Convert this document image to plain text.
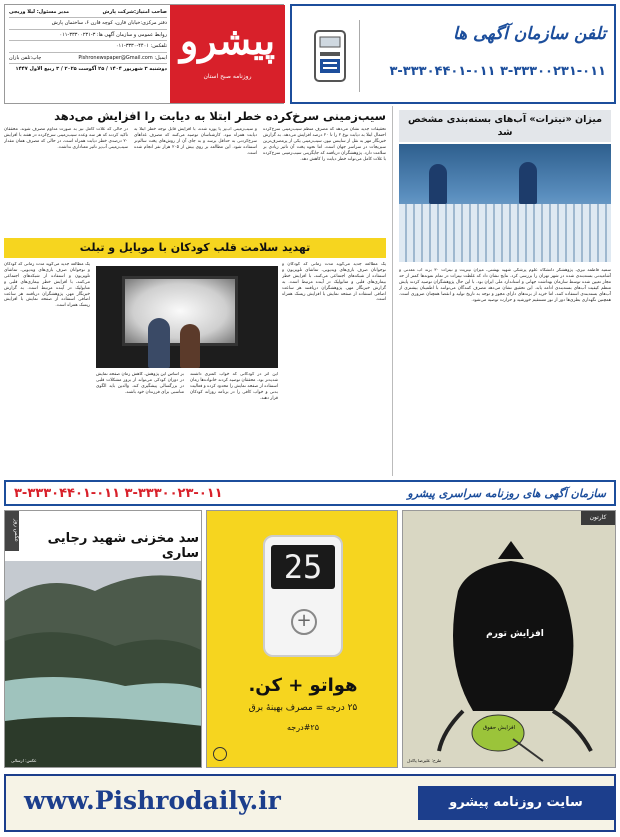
پیشرو
روزنامه صبح استان
صاحب امتیاز:شرکت پارش
مدیر مسئول: لیلا وریجی
دفتر مرکزی:خیابان قارن، کوچه قارن ۶، ساختمان پارش
روابط عمومی و سازمان آگهی ها: ۳-۳۳۳۰۰۲۳۱-۰۱۱
تلفکس: ۴۴۰۱-۳۳۳۰-۰۱۱
ایمیل: Pishronewspaper@Gmail.com
چاپ:تلفن بازان
دوشنبه ۳ شهریور ۱۴۰۴ / ۲۵ آگوست ۲۰۲۵ / ۳ ربیع الاول ۱۴۴۷
تلفن سازمان آگهی ها
۳-۳۳۳۰۰۲۳۱-۰۱۱ ۳-۳۳۳۰۴۴۰۱-۰۱۱
سیب‌زمینی سرخ‌کرده خطر ابتلا به دیابت را افزایش می‌دهد
تحقیقات جدید نشان می‌دهد که مصرف منظم سیب‌زمینی سرخ‌کرده احتمال ابتلا به دیابت نوع ۲ را تا ۲۰ درصد افزایش می‌دهد. به گزارش خبرنگار مهر به نقل از ساینس نیوز، سیب‌زمینی یکی از پرمصرف‌ترین سبزیجات در سراسر جهان است، اما نحوه پخت آن تاثیر زیادی بر سلامت دارد. پژوهشگران دریافتند که جایگزینی سیب‌زمینی سرخ‌کرده با غلات کامل می‌تواند خطر دیابت را کاهش دهد.
و سیب‌زمینی آب‌پز یا پوره شده، با افزایش قابل توجه خطر ابتلا به دیابت همراه نبود. کارشناسان توصیه می‌کنند که مصرف غذاهای سرخ‌کردنی به حداقل برسد و به جای آن از روش‌های پخت سالم‌تر استفاده شود. این مطالعه بر روی بیش از ۲۰۵ هزار نفر انجام شده است.
در حالی که غلات کامل نیز به صورت مداوم مصرف شوند. محققان تاکید کردند که هر سه وعده سیب‌زمینی سرخ‌کرده در هفته با افزایش ۲۰ درصدی خطر دیابت همراه است، در حالی که مصرف همان مقدار سیب‌زمینی آب‌پز تاثیر معناداری نداشت.
تهدید سلامت قلب کودکان با موبایل و تبلت
یک مطالعه جدید می‌گوید مدت زمانی که کودکان و نوجوانان صرف بازی‌های ویدیویی، تماشای تلویزیون و استفاده از شبکه‌های اجتماعی می‌کنند، با افزایش خطر بیماری‌های قلبی و متابولیک در آینده مرتبط است. به گزارش خبرنگار مهر، پژوهشگران دریافتند هر ساعت اضافی استفاده از صفحه نمایش با افزایش ریسک همراه است.
این اثر در کودکانی که خواب کمتری داشتند شدیدتر بود. محققان توصیه کردند خانواده‌ها زمان استفاده از صفحه نمایش را محدود کرده و فعالیت بدنی و خواب کافی را در برنامه روزانه کودکان قرار دهند.
بر اساس این پژوهش، کاهش زمان صفحه نمایش در دوران کودکی می‌تواند از بروز مشکلات قلبی در بزرگسالی پیشگیری کند. والدین باید الگوی مناسبی برای فرزندان خود باشند.
یک مطالعه جدید می‌گوید مدت زمانی که کودکان و نوجوانان صرف بازی‌های ویدیویی، تماشای تلویزیون و استفاده از شبکه‌های اجتماعی می‌کنند، با افزایش خطر بیماری‌های قلبی و متابولیک در آینده مرتبط است. به گزارش خبرنگار مهر، پژوهشگران دریافتند هر ساعت اضافی استفاده از صفحه نمایش با افزایش ریسک همراه است.
میزان «نیترات» آب‌های بسته‌بندی مشخص شد
سمیه فاطمه نیری، پژوهشگر دانشگاه علوم پزشکی شهید بهشتی، میزان نیتریت و نیترات ۳۰ برند آب معدنی و آشامیدنی بسته‌بندی شده در شهر تهران را بررسی کرد. نتایج نشان داد که غلظت نیترات در تمام نمونه‌ها کمتر از حد مجاز تعیین شده توسط سازمان بهداشت جهانی و استاندارد ملی ایران بود. با این حال پژوهشگران توصیه کردند پایش منظم کیفیت آب‌های بسته‌بندی ادامه یابد. این تحقیق نشان می‌دهد مصرف کنندگان می‌توانند با اطمینان بیشتری از آب‌های بسته‌بندی استفاده کنند، اما خرید از برندهای دارای مجوز و توجه به تاریخ تولید و انقضا همچنان ضروری است. همچنین نگهداری بطری‌ها دور از نور مستقیم خورشید و حرارت توصیه می‌شود.
سازمان آگهی های روزنامه سراسری پیشرو
۳-۳۳۳۰۰۲۳-۰۱۱ ۳-۳۳۳۰۴۴۰۱-۰۱۱
کارتون
افزایش تورم
افزایش حقوق
طرح: علیرضا پاکدل
25
+
هواتو + کن.
۲۵ درجه = مصرف بهینهٔ برق
#۲۵درجه
عکس روز	سد مخزنی شهید رجایی ساری
عکس: ارسالی
www.Pishrodaily.ir	سایت روزنامه پیشرو
